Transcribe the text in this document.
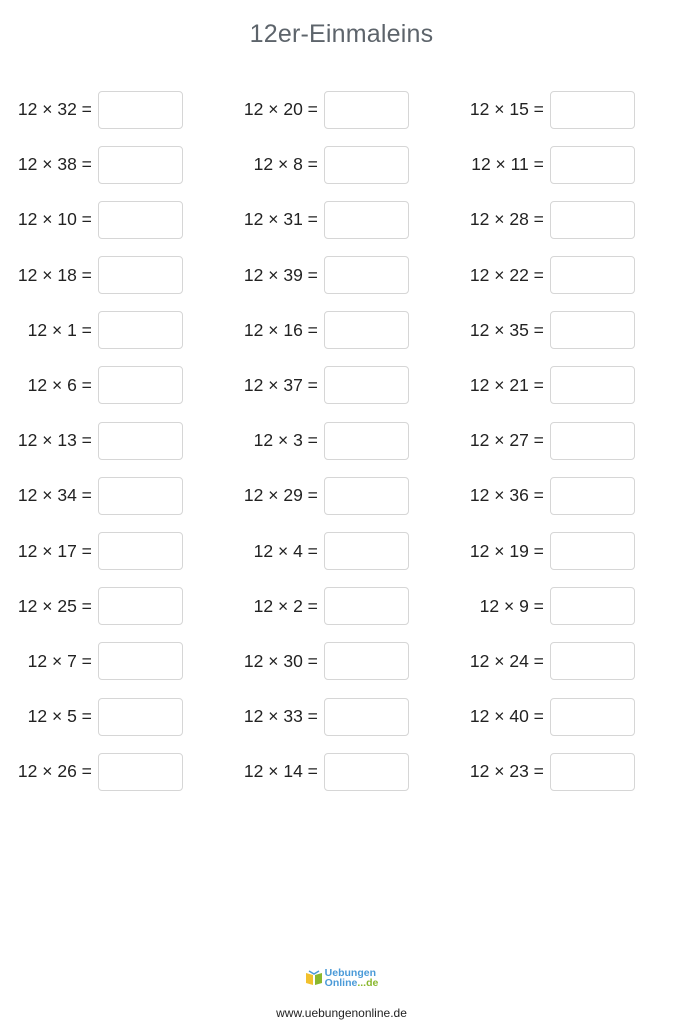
12er-Einmaleins
12 × 32 =	12 × 20 =	12 × 15 =
12 × 38 =	12 × 8 =	12 × 11 =
12 × 10 =	12 × 31 =	12 × 28 =
12 × 18 =	12 × 39 =	12 × 22 =
12 × 1 =	12 × 16 =	12 × 35 =
12 × 6 =	12 × 37 =	12 × 21 =
12 × 13 =	12 × 3 =	12 × 27 =
12 × 34 =	12 × 29 =	12 × 36 =
12 × 17 =	12 × 4 =	12 × 19 =
12 × 25 =	12 × 2 =	12 × 9 =
12 × 7 =	12 × 30 =	12 × 24 =
12 × 5 =	12 × 33 =	12 × 40 =
12 × 26 =	12 × 14 =	12 × 23 =
Uebungen
Online...de
www.uebungenonline.de
